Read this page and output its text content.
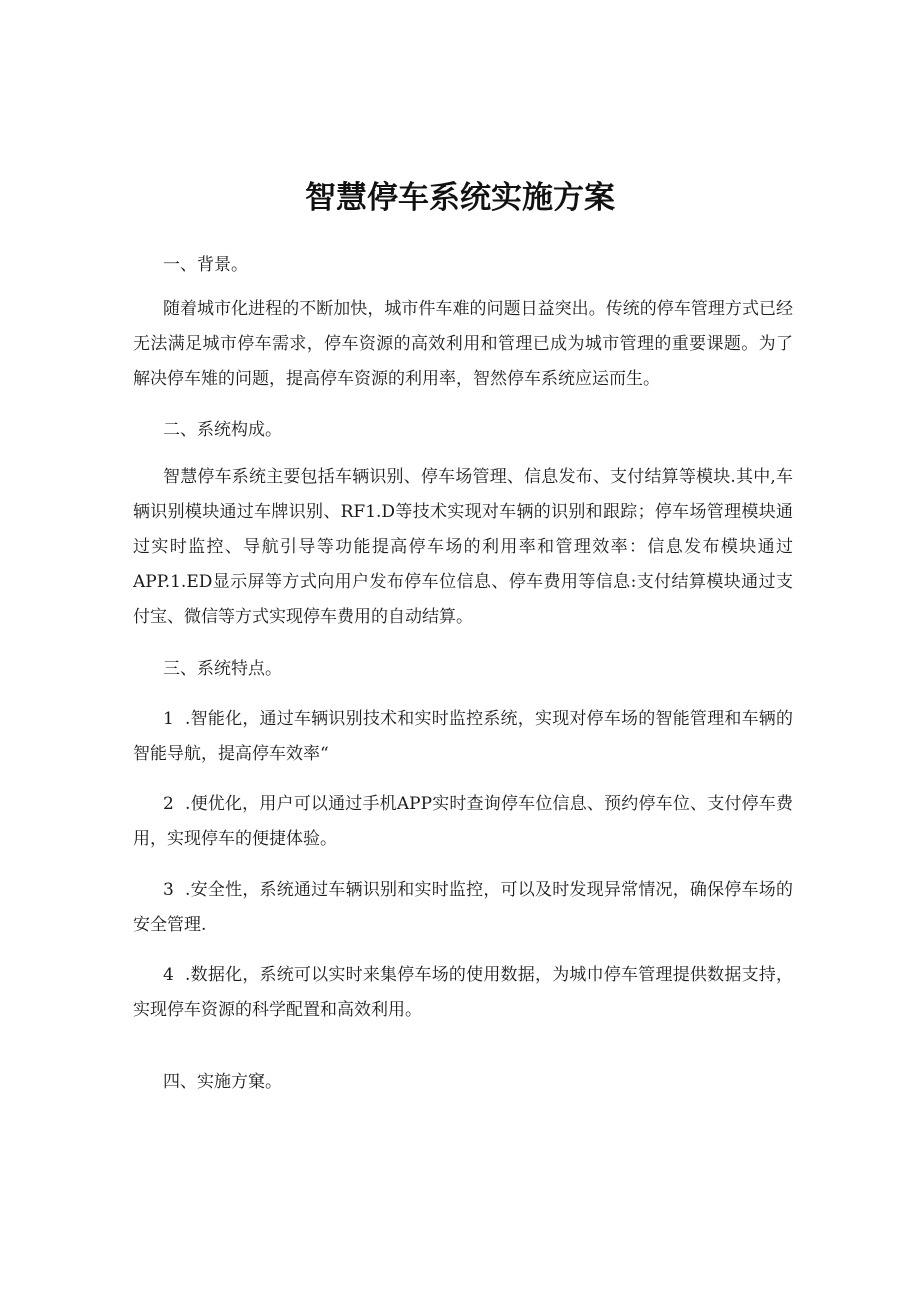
智慧停车系统实施方案

一、背景。

随着城市化进程的不断加快，城市件车难的问题日益突出。传统的停车管理方式已经无法满足城市停车需求，停车资源的高效利用和管理已成为城市管理的重要课题。为了解决停车雉的问题，提高停车资源的利用率，智然停车系统应运而生。

二、系统构成。

智慧停车系统主要包括车辆识别、停车场管理、信息发布、支付结算等模块.其中,车辆识别模块通过车牌识别、RF1.D等技术实现对车辆的识别和跟踪；停车场管理模块通过实时监控、导航引导等功能提高停车场的利用率和管理效率：信息发布模块通过APP.1.ED显示屏等方式向用户发布停车位信息、停车费用等信息:支付结算模块通过支付宝、微信等方式实现停车费用的自动结算。

三、系统特点。

1  .智能化，通过车辆识别技术和实时监控系统，实现对停车场的智能管理和车辆的智能导航，提高停车效率“

2  .便优化，用户可以通过手机APP实时查询停车位信息、预约停车位、支付停车费用，实现停车的便捷体验。

3  .安全性，系统通过车辆识别和实时监控，可以及时发现异常情况，确保停车场的安全管理.

4  .数据化，系统可以实时来集停车场的使用数据，为城巾停车管理提供数据支持，实现停车资源的科学配置和高效利用。

四、实施方窠。
